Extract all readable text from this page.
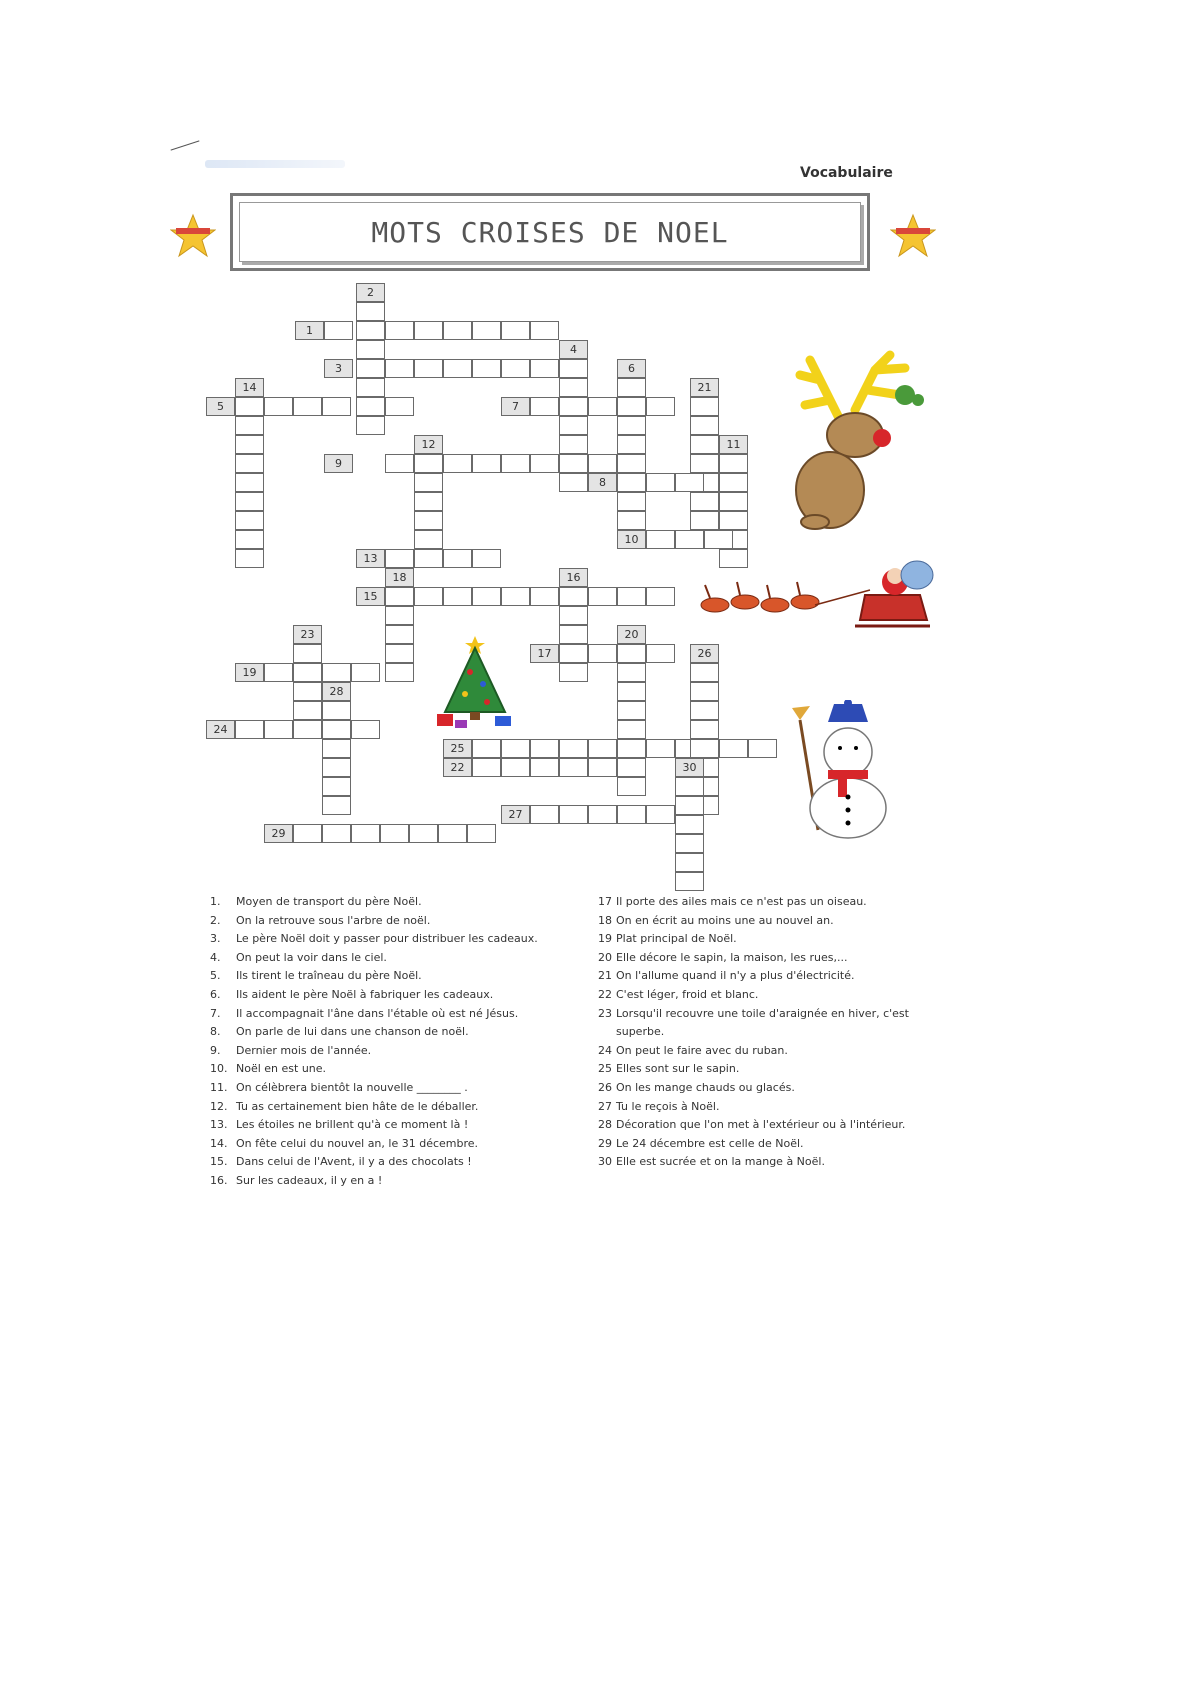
Vocabulaire
MOTS CROISES DE NOEL
2
1
4
3	6
14
5
21
7
12	11
9
8
10
13
18	16
15
23	20
17	26
19
28
24
25
22	30
27
29
1.	Moyen de transport du père Noël.
2.	On la retrouve sous l'arbre de noël.
3.	Le père Noël doit y passer pour distribuer les cadeaux.
4.	On peut la voir dans le ciel.
5.	Ils tirent le traîneau du père Noël.
6.	Ils aident le père Noël à fabriquer les cadeaux.
7.	Il accompagnait l'âne dans l'étable où est né Jésus.
8.	On parle de lui dans une chanson de noël.
9.	Dernier mois de l'année.
10. Noël en est une.
11. On célèbrera bientôt la nouvelle ________ .
12. Tu as certainement bien hâte de le déballer.
13. Les étoiles ne brillent qu'à ce moment là !
14. On fête celui du nouvel an, le 31 décembre.
15. Dans celui de l'Avent, il y a des chocolats !
16. Sur les cadeaux, il y en a !
17 Il porte des ailes mais ce n'est pas un oiseau.
18 On en écrit au moins une au nouvel an.
19 Plat principal de Noël.
20 Elle décore le sapin, la maison, les rues,...
21 On l'allume quand il n'y a plus d'électricité.
22 C'est léger, froid et blanc.
23 Lorsqu'il recouvre une toile d'araignée en hiver, c'est superbe.
24 On peut le faire avec du ruban.
25 Elles sont sur le sapin.
26 On les mange chauds ou glacés.
27 Tu le reçois à Noël.
28 Décoration que l'on met à l'extérieur ou à l'intérieur.
29 Le 24 décembre est celle de Noël.
30 Elle est sucrée et on la mange à Noël.
